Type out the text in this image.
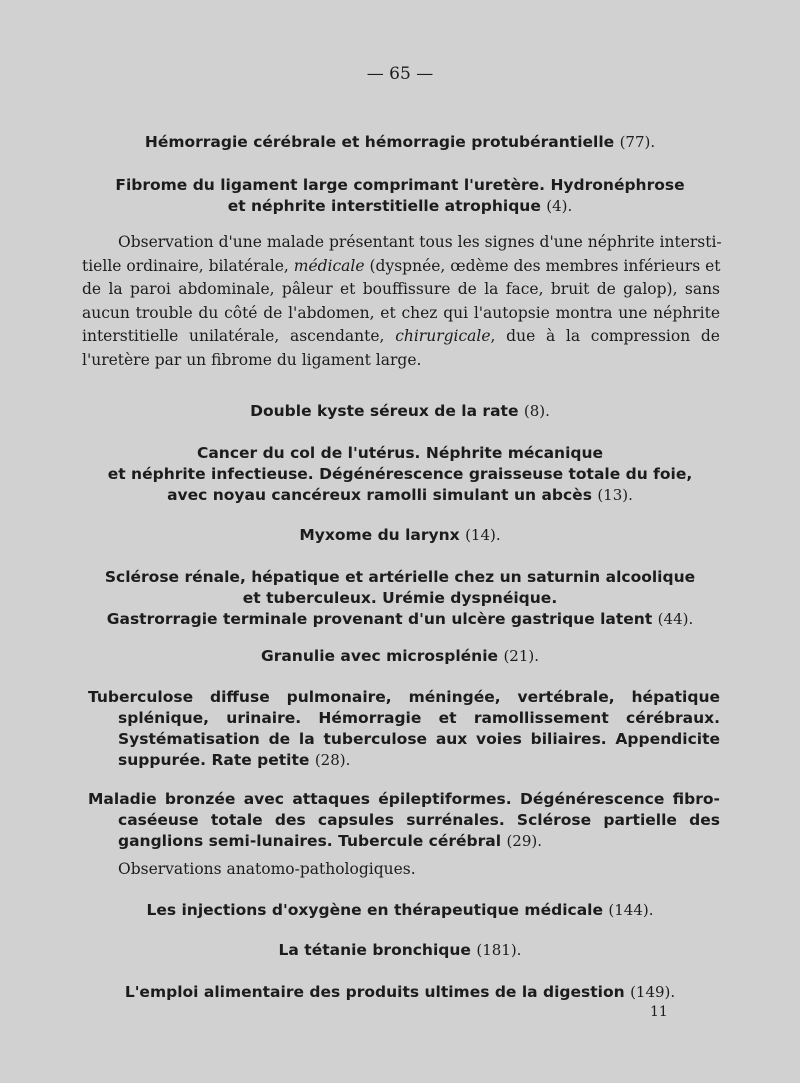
— 65 —
Hémorragie cérébrale et hémorragie protubérantielle (77).
Fibrome du ligament large comprimant l'uretère. Hydronéphrose
et néphrite interstitielle atrophique (4).
Observation d'une malade présentant tous les signes d'une néphrite intersti-
tielle ordinaire, bilatérale, médicale (dyspnée, œdème des membres inférieurs et
de la paroi abdominale, pâleur et bouffissure de la face, bruit de galop), sans
aucun trouble du côté de l'abdomen, et chez qui l'autopsie montra une néphrite
interstitielle unilatérale, ascendante, chirurgicale, due à la compression de
l'uretère par un fibrome du ligament large.
Double kyste séreux de la rate (8).
Cancer du col de l'utérus. Néphrite mécanique
et néphrite infectieuse. Dégénérescence graisseuse totale du foie,
avec noyau cancéreux ramolli simulant un abcès (13).
Myxome du larynx (14).
Sclérose rénale, hépatique et artérielle chez un saturnin alcoolique
et tuberculeux. Urémie dyspnéique.
Gastrorragie terminale provenant d'un ulcère gastrique latent (44).
Granulie avec microsplénie (21).
Tuberculose diffuse pulmonaire, méningée, vertébrale, hépatique
splénique, urinaire. Hémorragie et ramollissement cérébraux.
Systématisation de la tuberculose aux voies biliaires. Appendicite
suppurée. Rate petite (28).
Maladie bronzée avec attaques épileptiformes. Dégénérescence fibro-
caséeuse totale des capsules surrénales. Sclérose partielle des
ganglions semi-lunaires. Tubercule cérébral (29).
Observations anatomo-pathologiques.
Les injections d'oxygène en thérapeutique médicale (144).
La tétanie bronchique (181).
L'emploi alimentaire des produits ultimes de la digestion (149).
11
